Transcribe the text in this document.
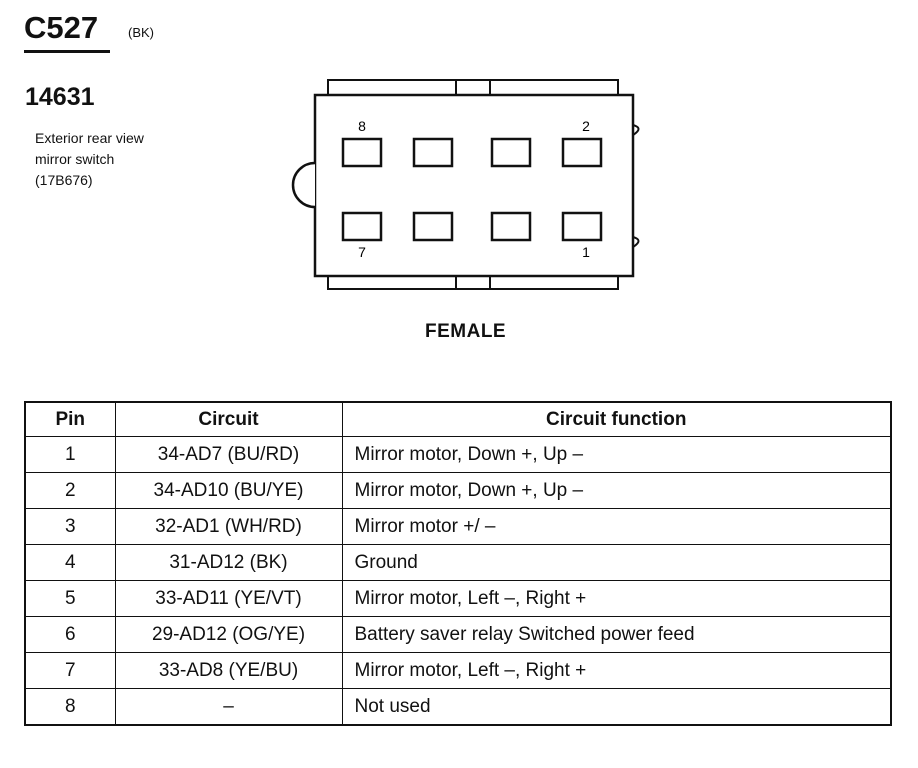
C527 (BK)
14631
Exterior rear view
mirror switch
(17B676)
8	2
7	1
FEMALE
Pin	Circuit	Circuit function
1	34-AD7 (BU/RD)	Mirror motor, Down +, Up –
2	34-AD10 (BU/YE)	Mirror motor, Down +, Up –
3	32-AD1 (WH/RD)	Mirror motor +/ –
4	31-AD12 (BK)	Ground
5	33-AD11 (YE/VT)	Mirror motor, Left –, Right +
6	29-AD12 (OG/YE)	Battery saver relay Switched power feed
7	33-AD8 (YE/BU)	Mirror motor, Left –, Right +
8	–	Not used
